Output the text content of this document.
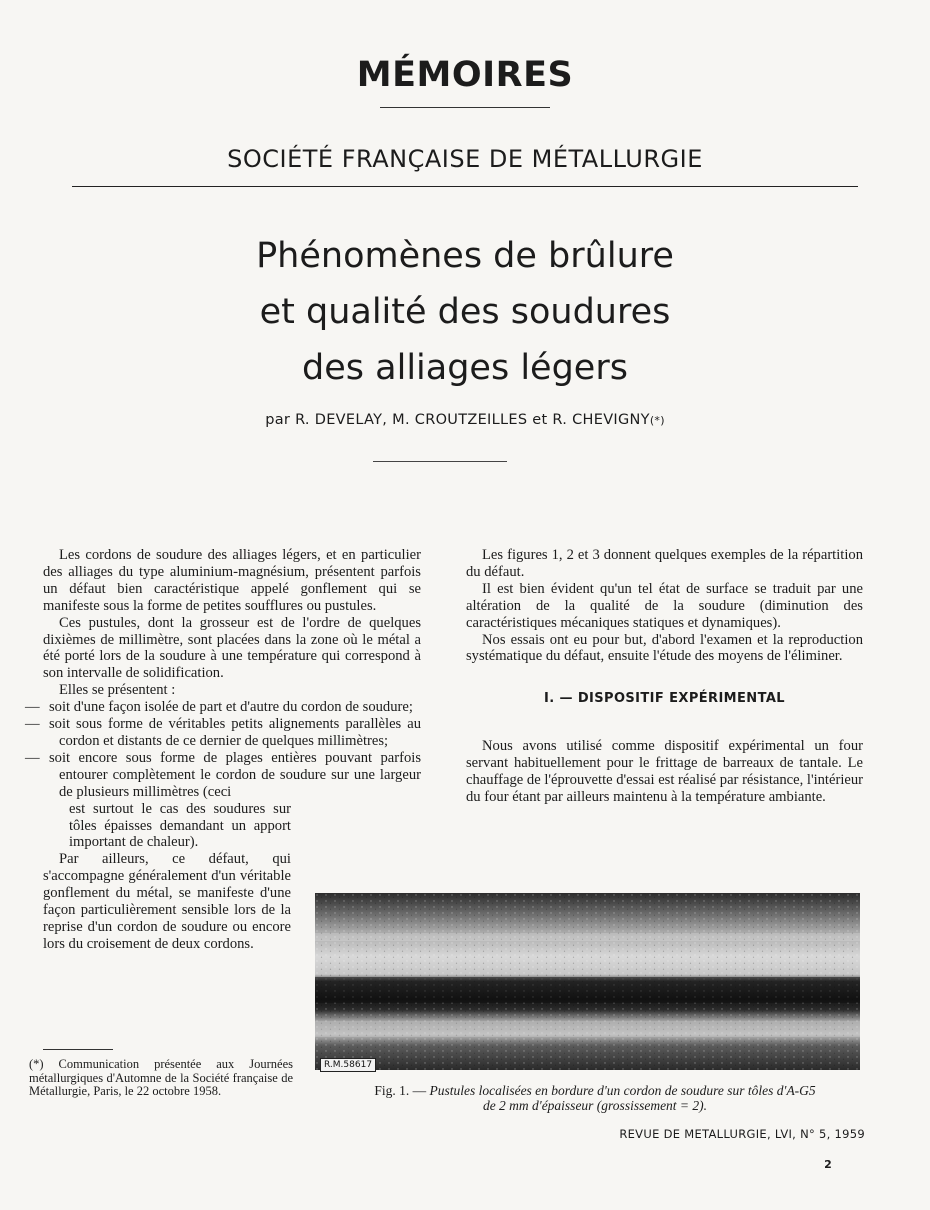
MÉMOIRES
SOCIÉTÉ FRANÇAISE DE MÉTALLURGIE
Phénomènes de brûlure
et qualité des soudures
des alliages légers
par R. DEVELAY, M. CROUTZEILLES et R. CHEVIGNY(*)

Les cordons de soudure des alliages légers, et en particulier des alliages du type aluminium-magnésium, présentent parfois un défaut bien caractéristique appelé gonflement qui se manifeste sous la forme de petites soufflures ou pustules.

Ces pustules, dont la grosseur est de l'ordre de quelques dixièmes de millimètre, sont placées dans la zone où le métal a été porté lors de la soudure à une température qui correspond à son intervalle de solidification.

Elles se présentent :

— soit d'une façon isolée de part et d'autre du cordon de soudure;
— soit sous forme de véritables petits alignements parallèles au cordon et distants de ce dernier de quelques millimètres;
— soit encore sous forme de plages entières pouvant parfois entourer complètement le cordon de soudure sur une largeur de plusieurs millimètres (ceci

est surtout le cas des soudures sur tôles épaisses demandant un apport important de chaleur).

Par ailleurs, ce défaut, qui s'accompagne généralement d'un véritable gonflement du métal, se manifeste d'une façon particulièrement sensible lors de la reprise d'un cordon de soudure ou encore lors du croisement de deux cordons.

(*) Communication présentée aux Journées métallurgiques d'Automne de la Société française de Métallurgie, Paris, le 22 octobre 1958.

Les figures 1, 2 et 3 donnent quelques exemples de la répartition du défaut.

Il est bien évident qu'un tel état de surface se traduit par une altération de la qualité de la soudure (diminution des caractéristiques mécaniques statiques et dynamiques).

Nos essais ont eu pour but, d'abord l'examen et la reproduction systématique du défaut, ensuite l'étude des moyens de l'éliminer.

I. — DISPOSITIF EXPÉRIMENTAL

Nous avons utilisé comme dispositif expérimental un four servant habituellement pour le frittage de barreaux de tantale. Le chauffage de l'éprouvette d'essai est réalisé par résistance, l'intérieur du four étant par ailleurs maintenu à la température ambiante.

R.M.58617
Fig. 1. — Pustules localisées en bordure d'un cordon de soudure sur tôles d'A-G5
de 2 mm d'épaisseur (grossissement = 2).
REVUE DE METALLURGIE, LVI, N° 5, 1959
2
